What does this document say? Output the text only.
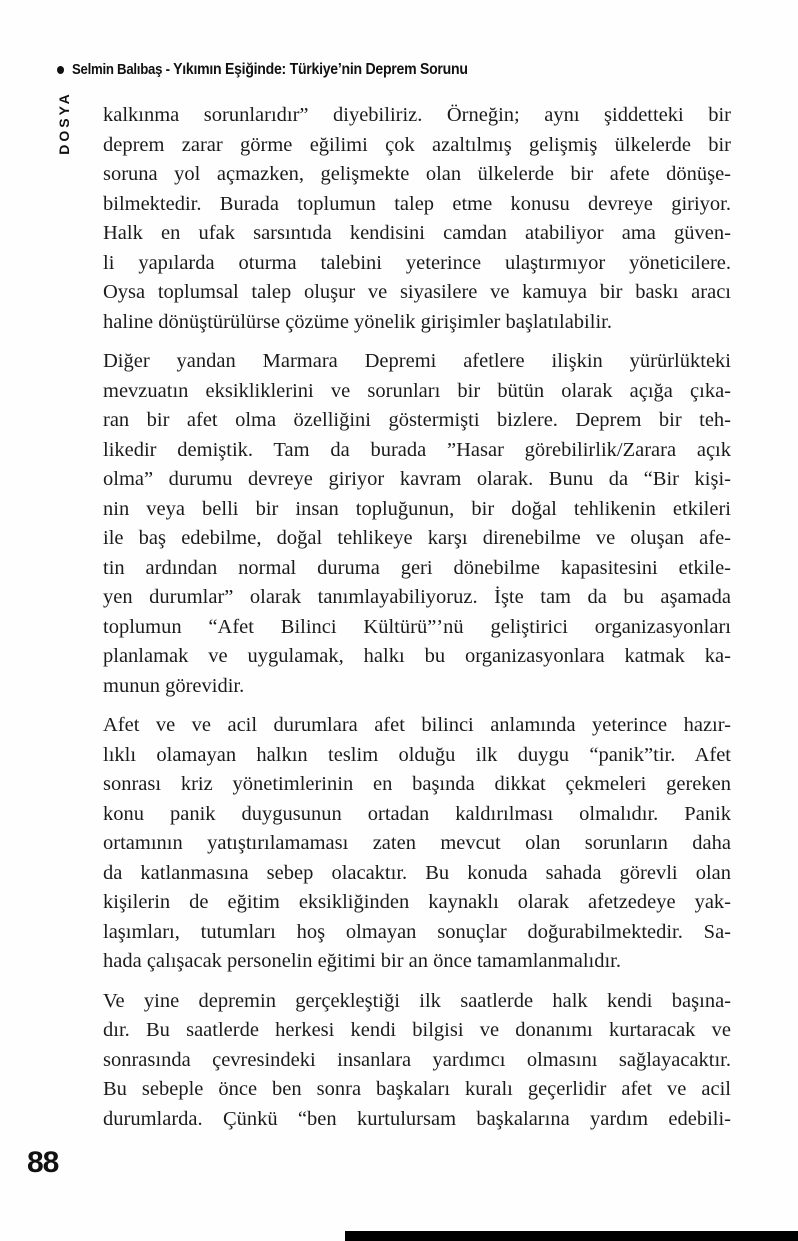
Selmin Balıbaş - Yıkımın Eşiğinde: Türkiye’nin Deprem Sorunu
DOSYA kalkınma sorunlarıdır” diyebiliriz. Örneğin; aynı şiddetteki bir
deprem zarar görme eğilimi çok azaltılmış gelişmiş ülkelerde bir
soruna yol açmazken, gelişmekte olan ülkelerde bir afete dönüşe-
bilmektedir. Burada toplumun talep etme konusu devreye giriyor.
Halk en ufak sarsıntıda kendisini camdan atabiliyor ama güven-
li yapılarda oturma talebini yeterince ulaştırmıyor yöneticilere.
Oysa toplumsal talep oluşur ve siyasilere ve kamuya bir baskı aracı
haline dönüştürülürse çözüme yönelik girişimler başlatılabilir.
Diğer yandan Marmara Depremi afetlere ilişkin yürürlükteki
mevzuatın eksikliklerini ve sorunları bir bütün olarak açığa çıka-
ran bir afet olma özelliğini göstermişti bizlere. Deprem bir teh-
likedir demiştik. Tam da burada ”Hasar görebilirlik/Zarara açık
olma” durumu devreye giriyor kavram olarak. Bunu da “Bir kişi-
nin veya belli bir insan topluğunun, bir doğal tehlikenin etkileri
ile baş edebilme, doğal tehlikeye karşı direnebilme ve oluşan afe-
tin ardından normal duruma geri dönebilme kapasitesini etkile-
yen durumlar” olarak tanımlayabiliyoruz. İşte tam da bu aşamada
toplumun “Afet Bilinci Kültürü”’nü geliştirici organizasyonları
planlamak ve uygulamak, halkı bu organizasyonlara katmak ka-
munun görevidir.
Afet ve ve acil durumlara afet bilinci anlamında yeterince hazır-
lıklı olamayan halkın teslim olduğu ilk duygu “panik”tir. Afet
sonrası kriz yönetimlerinin en başında dikkat çekmeleri gereken
konu panik duygusunun ortadan kaldırılması olmalıdır. Panik
ortamının yatıştırılamaması zaten mevcut olan sorunların daha
da katlanmasına sebep olacaktır. Bu konuda sahada görevli olan
kişilerin de eğitim eksikliğinden kaynaklı olarak afetzedeye yak-
laşımları, tutumları hoş olmayan sonuçlar doğurabilmektedir. Sa-
hada çalışacak personelin eğitimi bir an önce tamamlanmalıdır.
Ve yine depremin gerçekleştiği ilk saatlerde halk kendi başına-
dır. Bu saatlerde herkesi kendi bilgisi ve donanımı kurtaracak ve
sonrasında çevresindeki insanlara yardımcı olmasını sağlayacaktır.
Bu sebeple önce ben sonra başkaları kuralı geçerlidir afet ve acil
durumlarda. Çünkü “ben kurtulursam başkalarına yardım edebili-
88
